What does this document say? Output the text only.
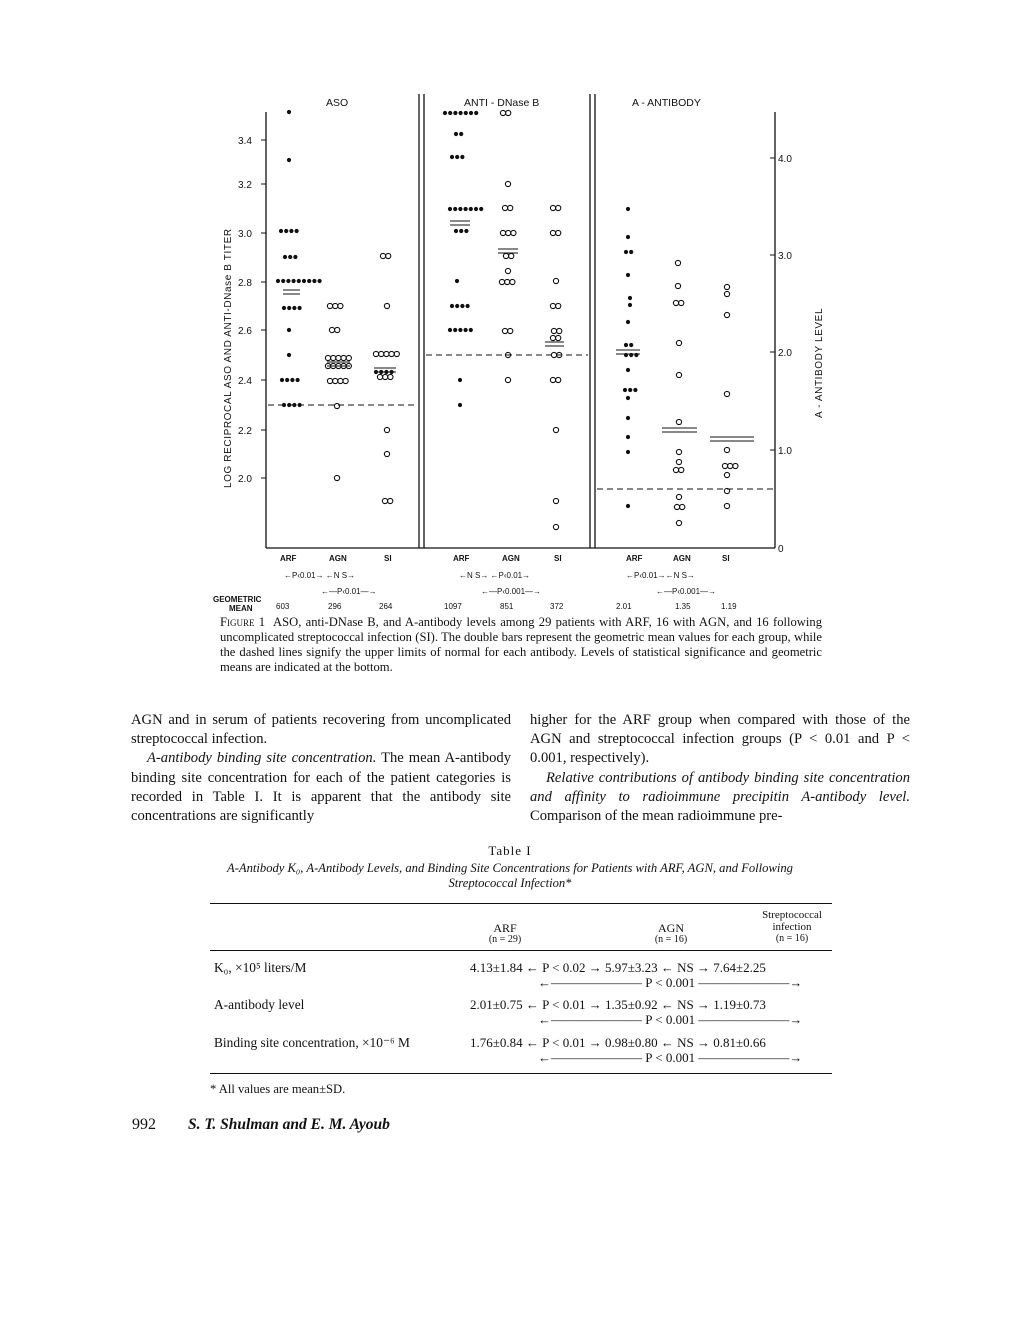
3.4
3.2
3.0
2.8
2.6
2.4
2.2
2.0
4.0
3.0
2.0
1.0
0
LOG RECIPROCAL ASO AND ANTI-DNase B TITER	A - ANTIBODY LEVEL
ASO	ANTI - DNase B	A - ANTIBODY
ARF	AGN	SI	ARF	AGN	SI	ARF	AGN	SI
←P‹0.01→ ←N S→	←N S→ ←P‹0.01→	←P‹0.01→←N S→
←—P‹0.01—→	←—P‹0.001—→	←—P‹0.001—→
GEOMETRIC
MEAN	603	296	264	1097	851	372	2.01	1.35	1.19
Figure 1 ASO, anti-DNase B, and A-antibody levels among 29 patients with ARF, 16 with AGN, and 16 following uncomplicated streptococcal infection (SI). The double bars represent the geometric mean values for each group, while the dashed lines signify the upper limits of normal for each antibody. Levels of statistical significance and geometric means are indicated at the bottom.

AGN and in serum of patients recovering from uncomplicated streptococcal infection.

A-antibody binding site concentration. The mean A-antibody binding site concentration for each of the patient categories is recorded in Table I. It is apparent that the antibody site concentrations are significantly

higher for the ARF group when compared with those of the AGN and streptococcal infection groups (P < 0.01 and P < 0.001, respectively).

Relative contributions of antibody binding site concentration and affinity to radioimmune precipitin A-antibody level. Comparison of the mean radioimmune pre-

Table I
A-Antibody K₀, A-Antibody Levels, and Binding Site Concentrations for Patients with ARF, AGN, and Following Streptococcal Infection*
ARF
(n = 29)
AGN
(n = 16)
Streptococcal
infection
(n = 16)
K₀, ×10⁵ liters/M	4.13±1.84 ← P < 0.02 → 5.97±3.23 ← NS → 7.64±2.25
←——————— P < 0.001 ———————→
A-antibody level	2.01±0.75 ← P < 0.01 → 1.35±0.92 ← NS → 1.19±0.73
←——————— P < 0.001 ———————→
Binding site concentration, ×10⁻⁶ M	1.76±0.84 ← P < 0.01 → 0.98±0.80 ← NS → 0.81±0.66
←——————— P < 0.001 ———————→
* All values are mean±SD.
992 S. T. Shulman and E. M. Ayoub
